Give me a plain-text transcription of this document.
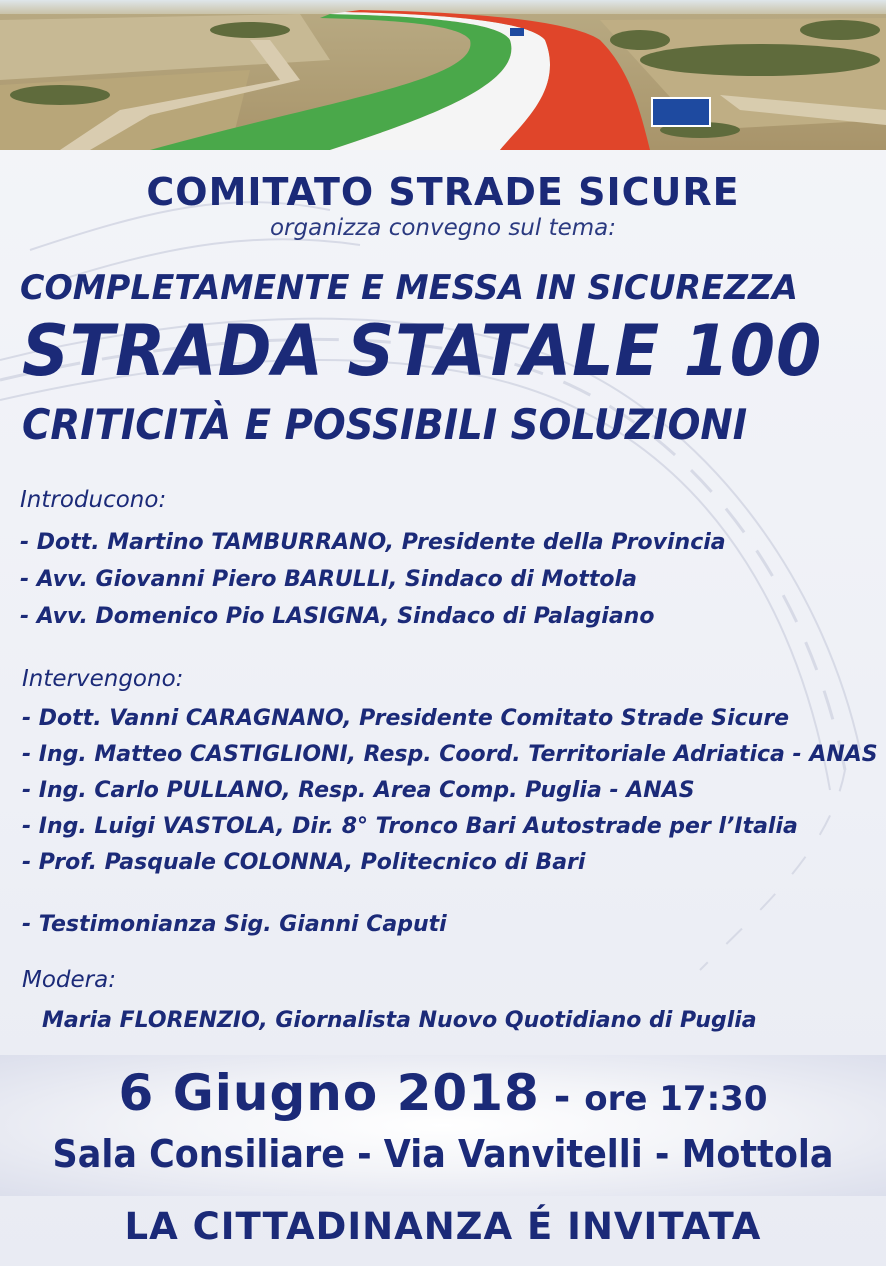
COMITATO STRADE SICURE
organizza convegno sul tema:
COMPLETAMENTE E MESSA IN SICUREZZA
STRADA STATALE 100
CRITICITÀ E POSSIBILI SOLUZIONI
Introducono:
- Dott. Martino TAMBURRANO, Presidente della Provincia
- Avv. Giovanni Piero BARULLI, Sindaco di Mottola
- Avv. Domenico Pio LASIGNA, Sindaco di Palagiano
Intervengono:
- Dott. Vanni CARAGNANO, Presidente Comitato Strade Sicure
- Ing. Matteo CASTIGLIONI, Resp. Coord. Territoriale Adriatica - ANAS
- Ing. Carlo PULLANO, Resp. Area Comp. Puglia - ANAS
- Ing. Luigi VASTOLA, Dir. 8° Tronco Bari Autostrade per l’Italia
- Prof. Pasquale COLONNA, Politecnico di Bari
- Testimonianza Sig. Gianni Caputi
Modera:
Maria FLORENZIO, Giornalista Nuovo Quotidiano di Puglia
6 Giugno 2018 - ore 17:30
Sala Consiliare - Via Vanvitelli - Mottola
LA CITTADINANZA É INVITATA
